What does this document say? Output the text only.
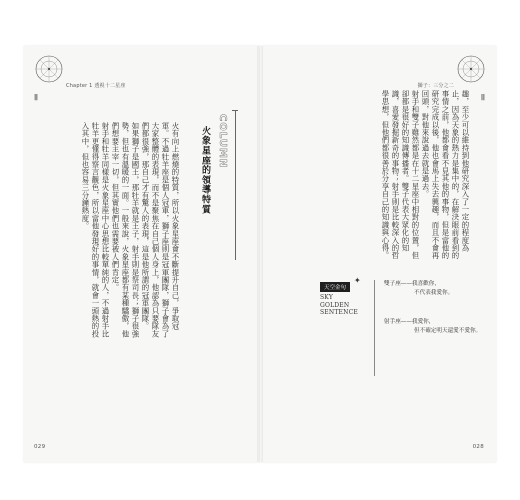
Chapter 1 透視十二星座
|||

火有向上燃燒的特質，所以火象星座會不斷提升自己，爭取冠軍。不過牡羊座是個人冠軍，獅子座則是冠軍團隊，獅子會為了大家整體的表現，而不是聚焦在自己個人身上，他認為只要隊友們都很強，那自己才有驚人的表現，這是他所謂的冠軍團隊。

如果獅子是國王，那牡羊就是王子，射手則是祭司長；獅子很強勢，但也有溫暖的一面。一般來說，火象星座都有某種驕傲，他們想要主宰一切，但其實他們也需要被人們肯定。

射手和牡羊同樣是火象星座中心思想比較單純的人，不過射手比牡羊更懂得察言觀色，所以當他發現好的事情，就會一頭熱的投入其中，但也容易三分鐘熱度。	火象星座的領導特質 COLUMN
029
獅子：三分之二
|||

趣，至少可以維持到他研究深入了一定的程度為止，因為天象的熱力是集中的，在解決眼前看到的事情之前，他都會看不見其他的事物，但是當他的研究完成以後，他也會馬上失去興趣，而且不會再回頭，對他來說過去就是過去。

射手和雙子雖然都是在十二星座中相對的位置，但卻都是很好的知識傳播者。雙子代表大眾化的知識，喜愛發掘新奇的事物；射手則是比較深入的哲學思想，但他們都很善於分享自己的知識與心得。

天空金句
✦
SKY
GOLDEN
SENTENCE
雙子座——我喜歡你，
不代表我愛你。
射手座——我愛你，
但不確定明天還愛不愛你。
028
